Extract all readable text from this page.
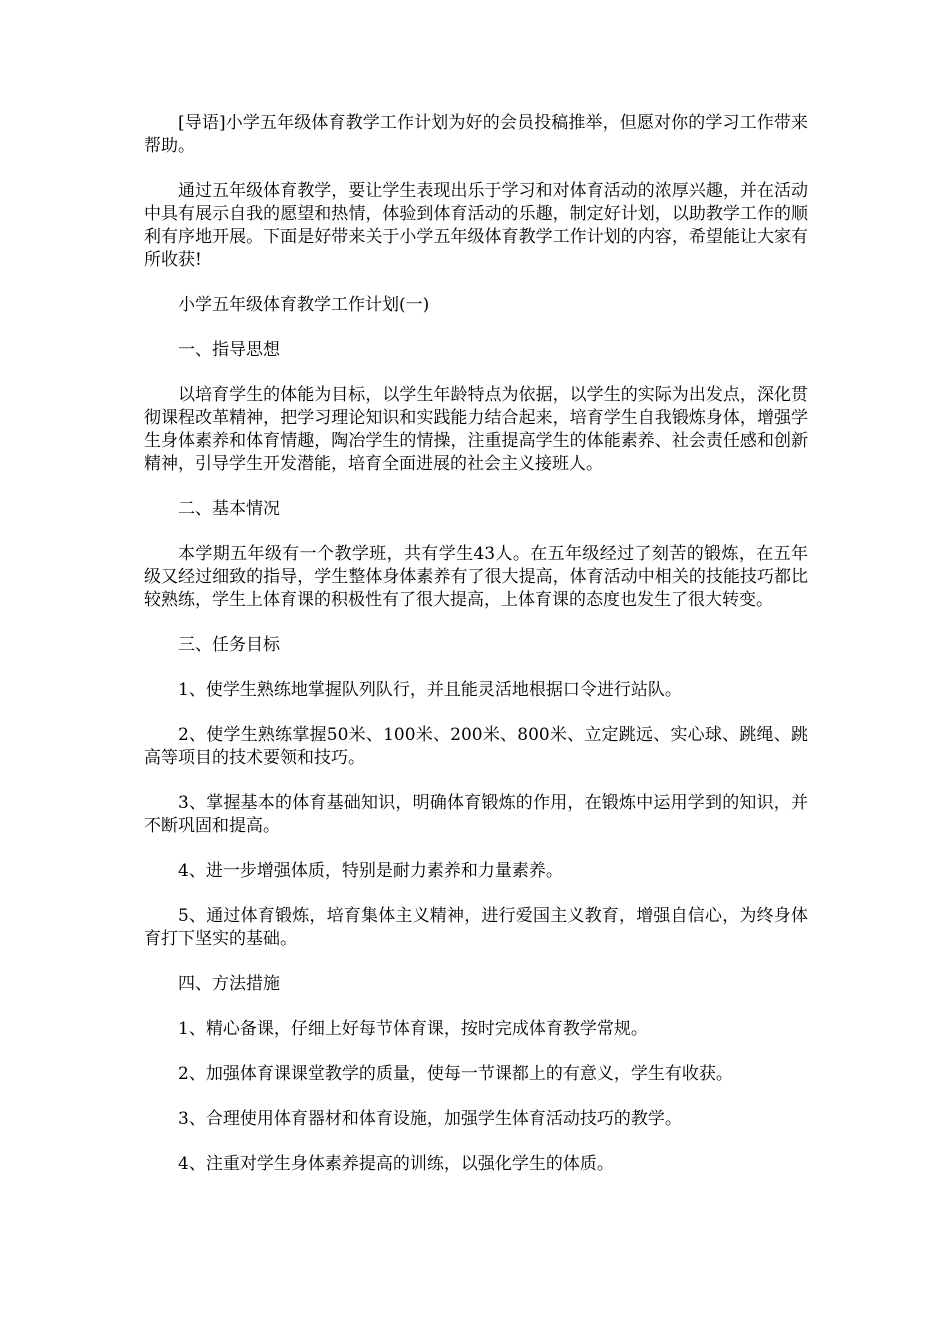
[导语]小学五年级体育教学工作计划为好的会员投稿推举，但愿对你的学习工作带来帮助。

通过五年级体育教学，要让学生表现出乐于学习和对体育活动的浓厚兴趣，并在活动中具有展示自我的愿望和热情，体验到体育活动的乐趣，制定好计划，以助教学工作的顺利有序地开展。下面是好带来关于小学五年级体育教学工作计划的内容，希望能让大家有所收获!

小学五年级体育教学工作计划(一)

一、指导思想

以培育学生的体能为目标，以学生年龄特点为依据，以学生的实际为出发点，深化贯彻课程改革精神，把学习理论知识和实践能力结合起来，培育学生自我锻炼身体，增强学生身体素养和体育情趣，陶冶学生的情操，注重提高学生的体能素养、社会责任感和创新精神，引导学生开发潜能，培育全面进展的社会主义接班人。

二、基本情况

本学期五年级有一个教学班，共有学生43人。在五年级经过了刻苦的锻炼，在五年级又经过细致的指导，学生整体身体素养有了很大提高，体育活动中相关的技能技巧都比较熟练，学生上体育课的积极性有了很大提高，上体育课的态度也发生了很大转变。

三、任务目标

1、使学生熟练地掌握队列队行，并且能灵活地根据口令进行站队。

2、使学生熟练掌握50米、100米、200米、800米、立定跳远、实心球、跳绳、跳高等项目的技术要领和技巧。

3、掌握基本的体育基础知识，明确体育锻炼的作用，在锻炼中运用学到的知识，并不断巩固和提高。

4、进一步增强体质，特别是耐力素养和力量素养。

5、通过体育锻炼，培育集体主义精神，进行爱国主义教育，增强自信心，为终身体育打下坚实的基础。

四、方法措施

1、精心备课，仔细上好每节体育课，按时完成体育教学常规。

2、加强体育课课堂教学的质量，使每一节课都上的有意义，学生有收获。

3、合理使用体育器材和体育设施，加强学生体育活动技巧的教学。

4、注重对学生身体素养提高的训练，以强化学生的体质。
